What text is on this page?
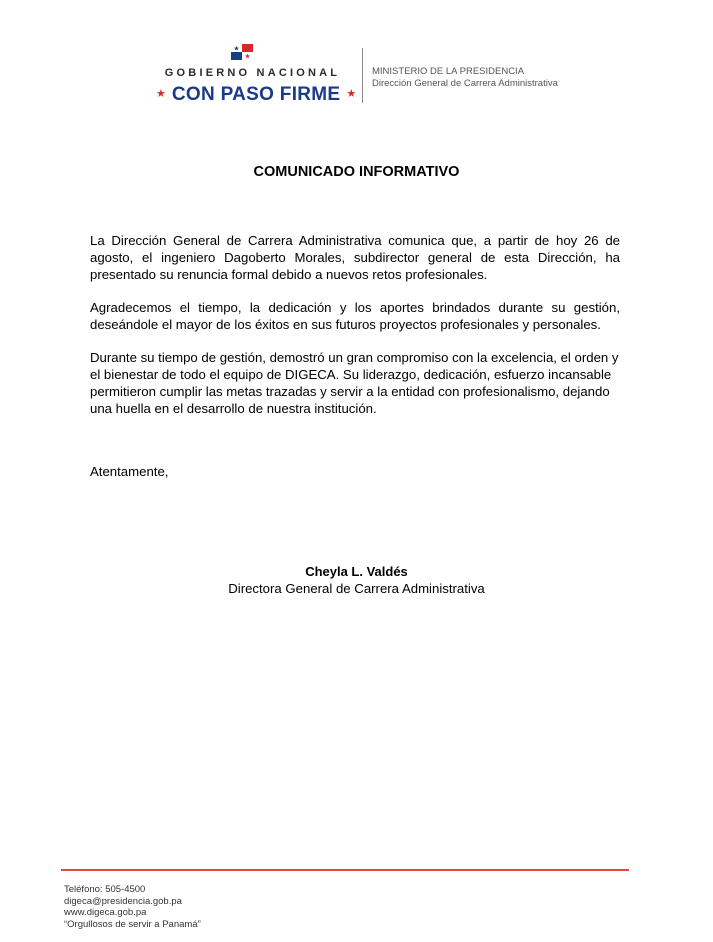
GOBIERNO NACIONAL
★ CON PASO FIRME ★
MINISTERIO DE LA PRESIDENCIA
Dirección General de Carrera Administrativa
COMUNICADO INFORMATIVO

La Dirección General de Carrera Administrativa comunica que, a partir de hoy 26 de agosto, el ingeniero Dagoberto Morales, subdirector general de esta Dirección, ha presentado su renuncia formal debido a nuevos retos profesionales.

Agradecemos el tiempo, la dedicación y los aportes brindados durante su gestión, deseándole el mayor de los éxitos en sus futuros proyectos profesionales y personales.

Durante su tiempo de gestión, demostró un gran compromiso con la excelencia, el orden y el bienestar de todo el equipo de DIGECA. Su liderazgo, dedicación, esfuerzo incansable permitieron cumplir las metas trazadas y servir a la entidad con profesionalismo, dejando una huella en el desarrollo de nuestra institución.

Atentamente,
Cheyla L. Valdés
Directora General de Carrera Administrativa
Teléfono: 505-4500
digeca@presidencia.gob.pa
www.digeca.gob.pa
“Orgullosos de servir a Panamá”
